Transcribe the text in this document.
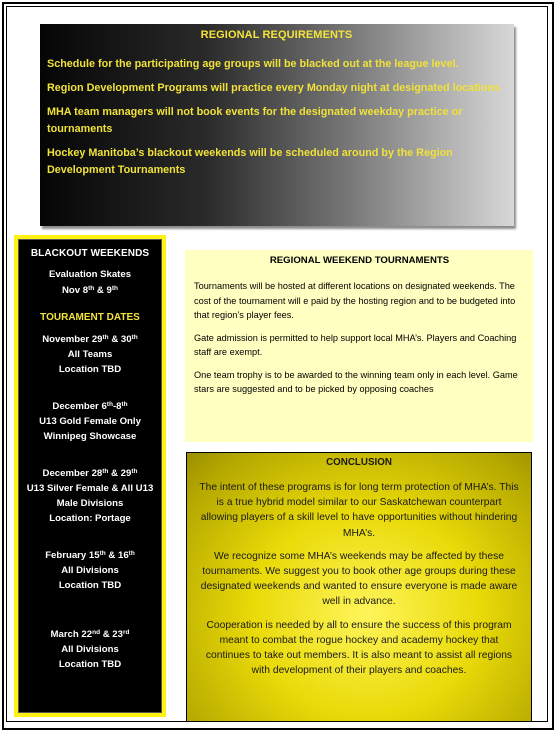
REGIONAL REQUIREMENTS
Schedule for the participating age groups will be blacked out at the league level.
Region Development Programs will practice every Monday night at designated locations
MHA team managers will not book events for the designated weekday practice or tournaments
Hockey Manitoba’s blackout weekends will be scheduled around by the Region Development Tournaments
BLACKOUT WEEKENDS
Evaluation Skates
Nov 8th & 9th
TOURAMENT DATES
November 29th & 30th
All Teams
Location TBD
December 6th-8th
U13 Gold Female Only
Winnipeg Showcase
December 28th & 29th
U13 Silver Female & All U13
Male Divisions
Location: Portage
February 15th & 16th
All Divisions
Location TBD
March 22nd & 23rd
All Divisions
Location TBD
REGIONAL WEEKEND TOURNAMENTS
Tournaments will be hosted at different locations on designated weekends. The cost of the tournament will e paid by the hosting region and to be budgeted into that region’s player fees.
Gate admission is permitted to help support local MHA’s. Players and Coaching staff are exempt.
One team trophy is to be awarded to the winning team only in each level. Game stars are suggested and to be picked by opposing coaches
CONCLUSION
The intent of these programs is for long term protection of MHA’s. This is a true hybrid model similar to our Saskatchewan counterpart allowing players of a skill level to have opportunities without hindering MHA’s.
We recognize some MHA’s weekends may be affected by these tournaments. We suggest you to book other age groups during these designated weekends and wanted to ensure everyone is made aware well in advance.
Cooperation is needed by all to ensure the success of this program meant to combat the rogue hockey and academy hockey that continues to take out members. It is also meant to assist all regions with development of their players and coaches.
